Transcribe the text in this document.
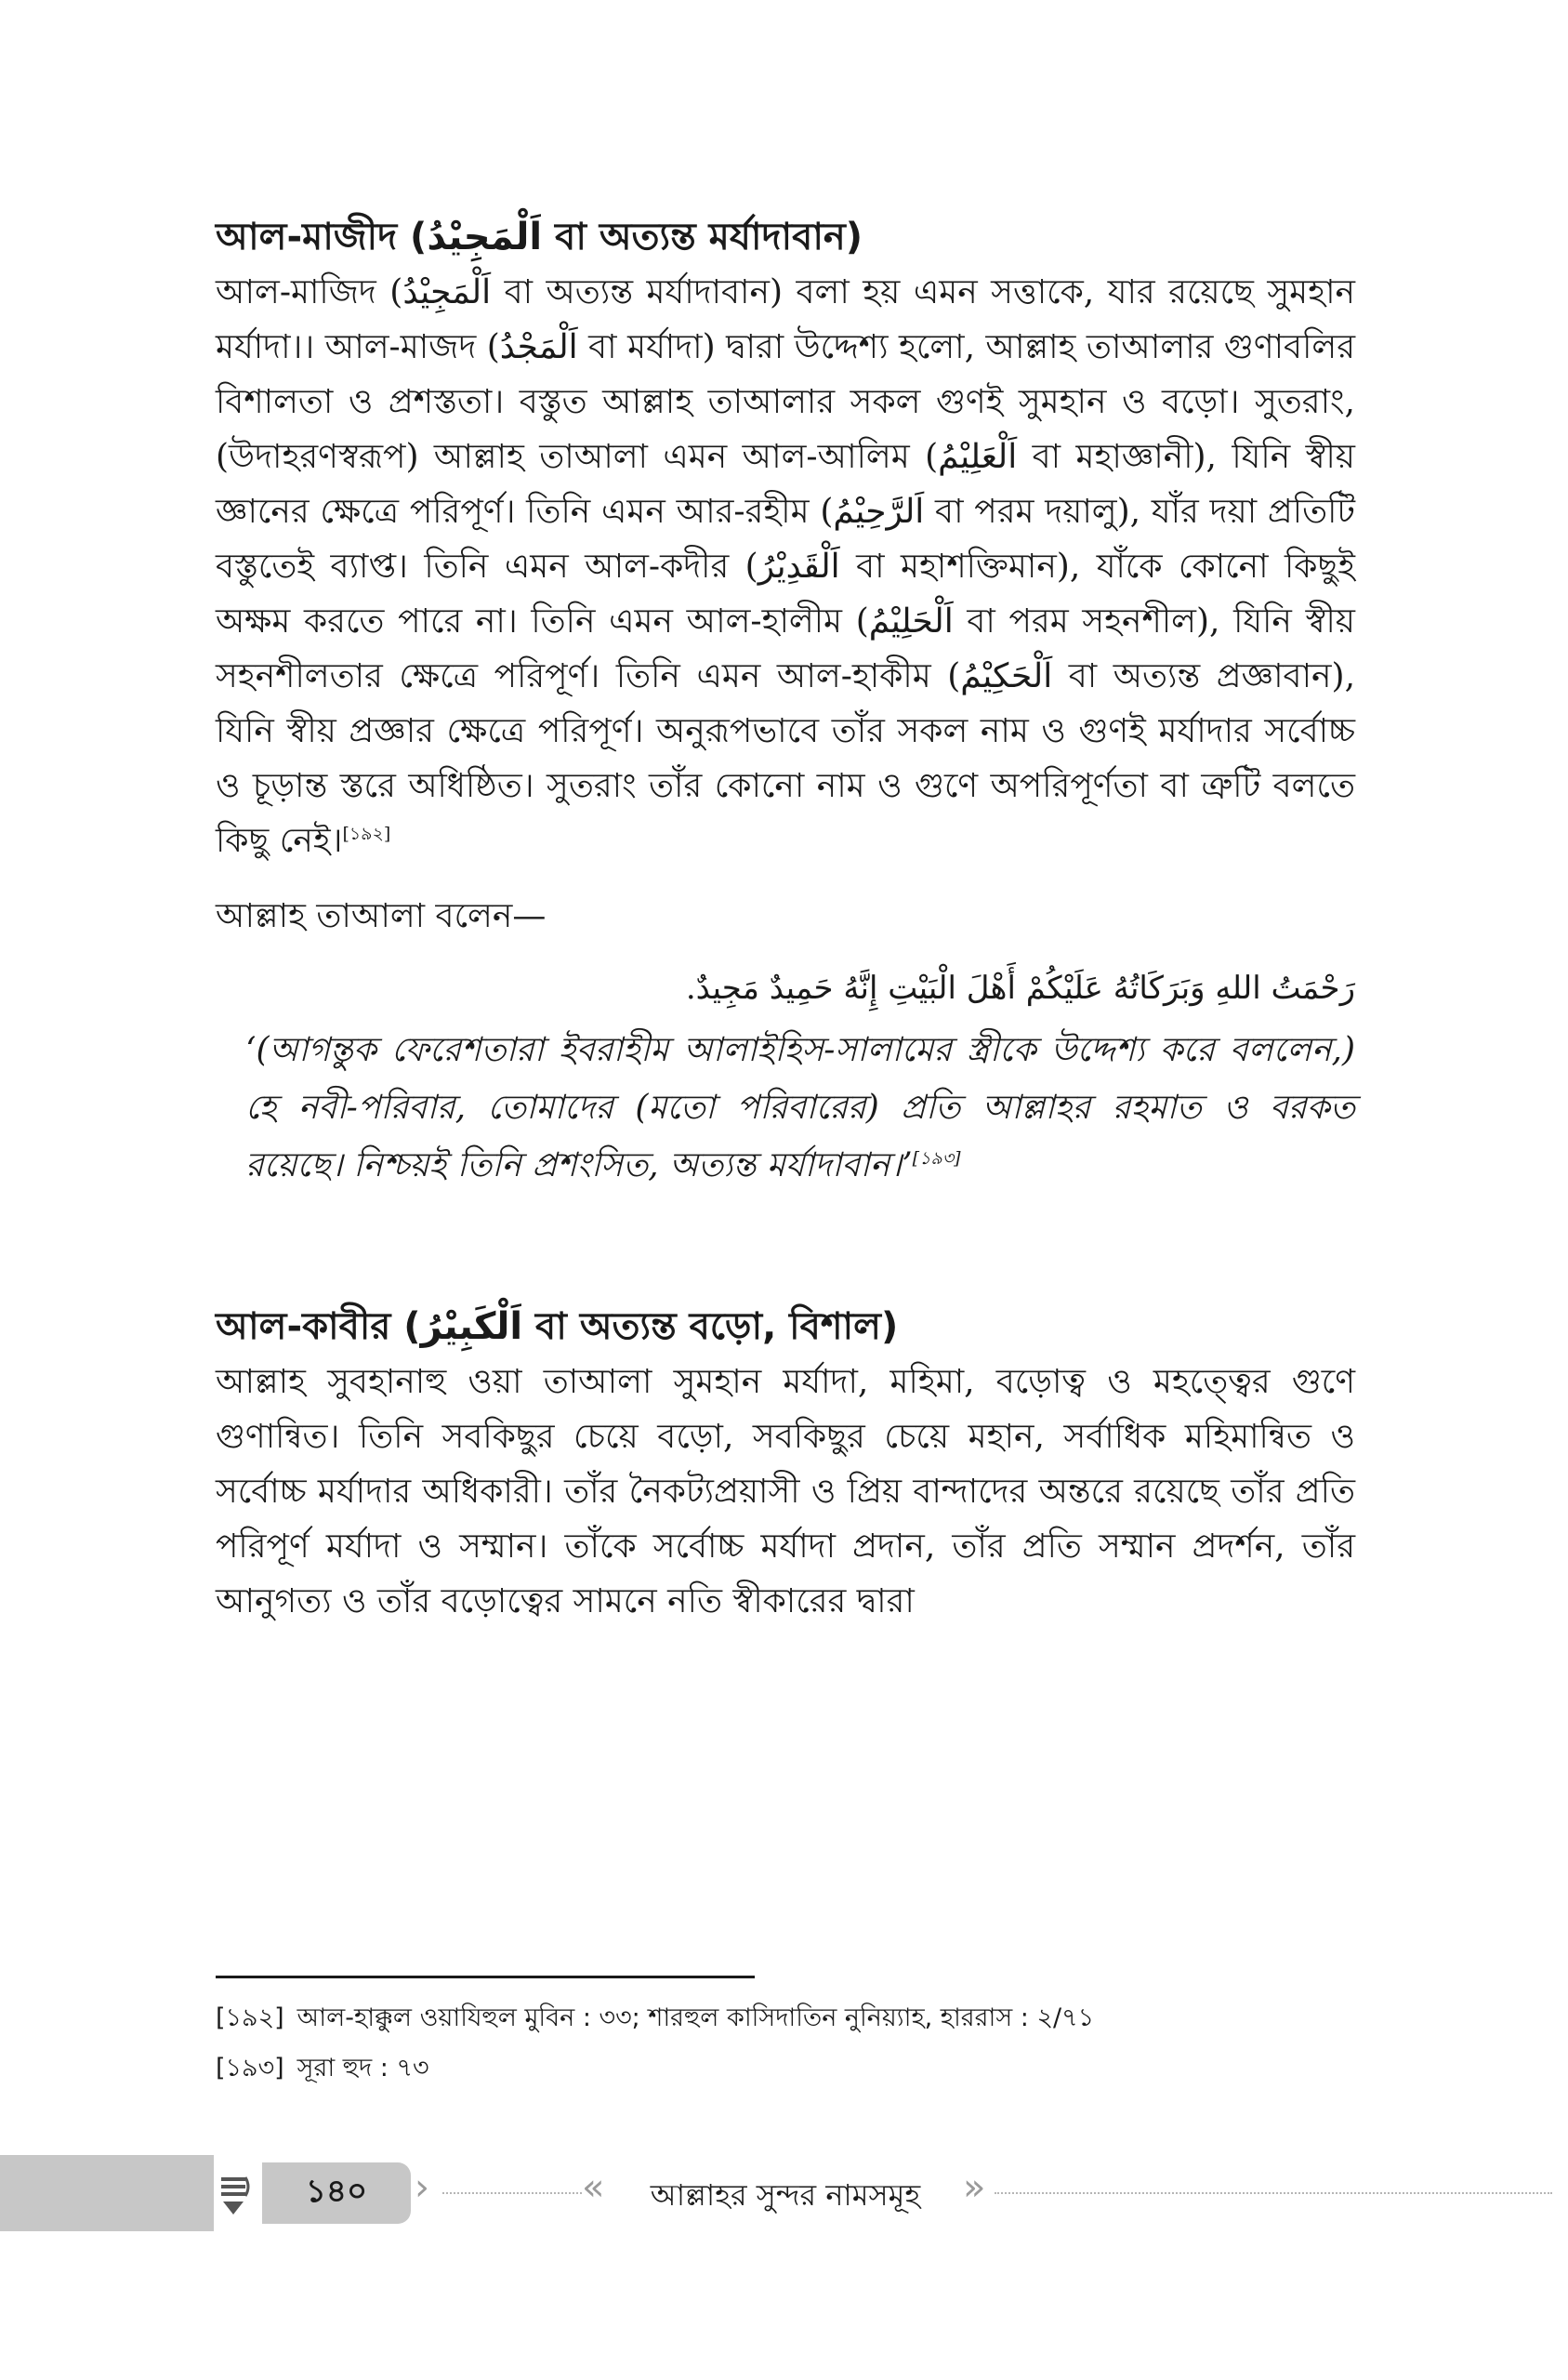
আল-মাজীদ (اَلْمَجِيْدُ বা অত্যন্ত মর্যাদাবান)

আল-মাজিদ (اَلْمَجِيْدُ বা অত্যন্ত মর্যাদাবান) বলা হয় এমন সত্তাকে, যার রয়েছে সুমহান মর্যাদা।। আল-মাজদ (اَلْمَجْدُ বা মর্যাদা) দ্বারা উদ্দেশ্য হলো, আল্লাহ তাআলার গুণাবলির বিশালতা ও প্রশস্ততা। বস্তুত আল্লাহ তাআলার সকল গুণই সুমহান ও বড়ো। সুতরাং, (উদাহরণস্বরূপ) আল্লাহ তাআলা এমন আল-আলিম (اَلْعَلِيْمُ বা মহাজ্ঞানী), যিনি স্বীয় জ্ঞানের ক্ষেত্রে পরিপূর্ণ। তিনি এমন আর-রহীম (اَلرَّحِيْمُ বা পরম দয়ালু), যাঁর দয়া প্রতিটি বস্তুতেই ব্যাপ্ত। তিনি এমন আল-কদীর (اَلْقَدِيْرُ বা মহাশক্তিমান), যাঁকে কোনো কিছুই অক্ষম করতে পারে না। তিনি এমন আল-হালীম (اَلْحَلِيْمُ বা পরম সহনশীল), যিনি স্বীয় সহনশীলতার ক্ষেত্রে পরিপূর্ণ। তিনি এমন আল-হাকীম (اَلْحَكِيْمُ বা অত্যন্ত প্রজ্ঞাবান), যিনি স্বীয় প্রজ্ঞার ক্ষেত্রে পরিপূর্ণ। অনুরূপভাবে তাঁর সকল নাম ও গুণই মর্যাদার সর্বোচ্চ ও চূড়ান্ত স্তরে অধিষ্ঠিত। সুতরাং তাঁর কোনো নাম ও গুণে অপরিপূর্ণতা বা ত্রুটি বলতে কিছু নেই।[১৯২]

আল্লাহ তাআলা বলেন—

رَحْمَتُ اللهِ وَبَرَكَاتُهُ عَلَيْكُمْ أَهْلَ الْبَيْتِ إِنَّهُ حَمِيدٌ مَجِيدٌ.

‘(আগন্তুক ফেরেশতারা ইবরাহীম আলাইহিস-সালামের স্ত্রীকে উদ্দেশ্য করে বললেন,) হে নবী-পরিবার, তোমাদের (মতো পরিবারের) প্রতি আল্লাহর রহমাত ও বরকত রয়েছে। নিশ্চয়ই তিনি প্রশংসিত, অত্যন্ত মর্যাদাবান।’[১৯৩]

আল-কাবীর (اَلْكَبِيْرُ বা অত্যন্ত বড়ো, বিশাল)

আল্লাহ সুবহানাহু ওয়া তাআলা সুমহান মর্যাদা, মহিমা, বড়োত্ব ও মহত্ত্বের গুণে গুণান্বিত। তিনি সবকিছুর চেয়ে বড়ো, সবকিছুর চেয়ে মহান, সর্বাধিক মহিমান্বিত ও সর্বোচ্চ মর্যাদার অধিকারী। তাঁর নৈকট্যপ্রয়াসী ও প্রিয় বান্দাদের অন্তরে রয়েছে তাঁর প্রতি পরিপূর্ণ মর্যাদা ও সম্মান। তাঁকে সর্বোচ্চ মর্যাদা প্রদান, তাঁর প্রতি সম্মান প্রদর্শন, তাঁর আনুগত্য ও তাঁর বড়োত্বের সামনে নতি স্বীকারের দ্বারা

[১৯২] আল-হাক্কুল ওয়াযিহুল মুবিন : ৩৩; শারহুল কাসিদাতিন নুনিয়্যাহ, হাররাস : ২/৭১
[১৯৩] সূরা হুদ : ৭৩
১৪০	›	«	আল্লাহর সুন্দর নামসমূহ	»
